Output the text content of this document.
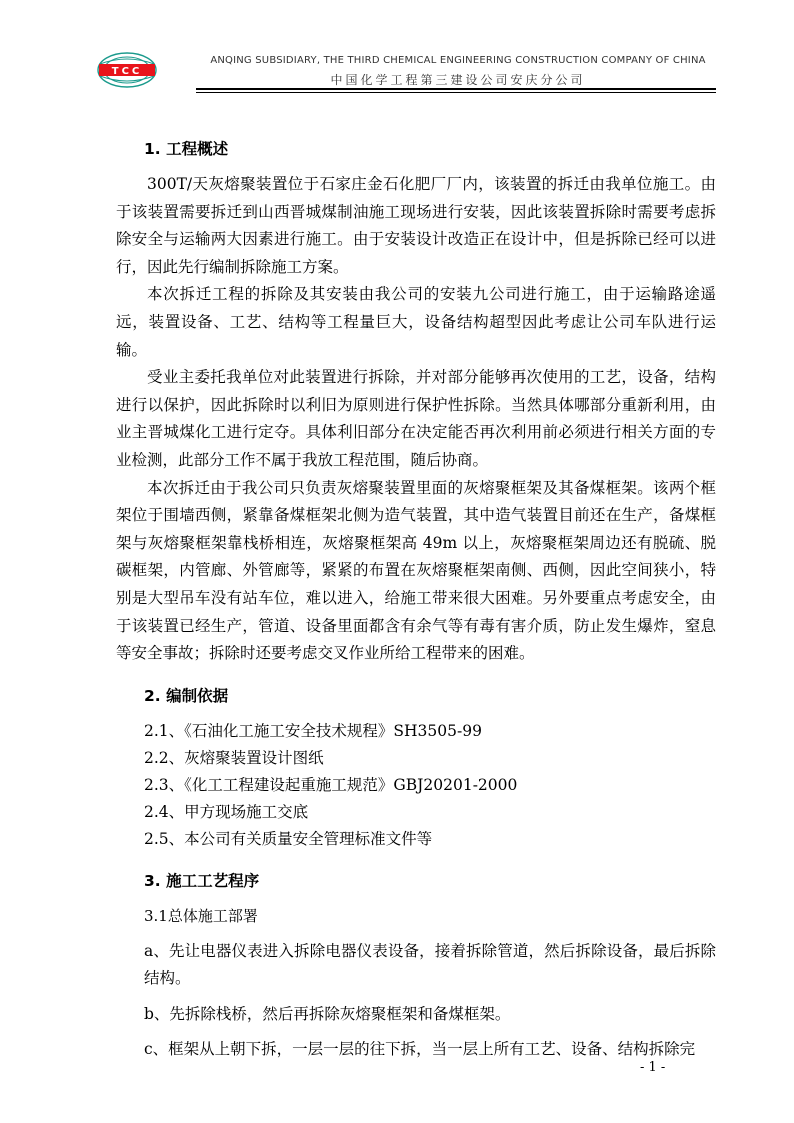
TCC
ANQING SUBSIDIARY, THE THIRD CHEMICAL ENGINEERING CONSTRUCTION COMPANY OF CHINA
中国化学工程第三建设公司安庆分公司
1. 工程概述

300T/天灰熔聚装置位于石家庄金石化肥厂厂内，该装置的拆迁由我单位施工。由于该装置需要拆迁到山西晋城煤制油施工现场进行安装，因此该装置拆除时需要考虑拆除安全与运输两大因素进行施工。由于安装设计改造正在设计中，但是拆除已经可以进行，因此先行编制拆除施工方案。

本次拆迁工程的拆除及其安装由我公司的安装九公司进行施工，由于运输路途遥远，装置设备、工艺、结构等工程量巨大，设备结构超型因此考虑让公司车队进行运输。

受业主委托我单位对此装置进行拆除，并对部分能够再次使用的工艺，设备，结构进行以保护，因此拆除时以利旧为原则进行保护性拆除。当然具体哪部分重新利用，由业主晋城煤化工进行定夺。具体利旧部分在决定能否再次利用前必须进行相关方面的专业检测，此部分工作不属于我放工程范围，随后协商。

本次拆迁由于我公司只负责灰熔聚装置里面的灰熔聚框架及其备煤框架。该两个框架位于围墙西侧，紧靠备煤框架北侧为造气装置，其中造气装置目前还在生产，备煤框架与灰熔聚框架靠栈桥相连，灰熔聚框架高 49m 以上，灰熔聚框架周边还有脱硫、脱碳框架，内管廊、外管廊等，紧紧的布置在灰熔聚框架南侧、西侧，因此空间狭小，特别是大型吊车没有站车位，难以进入，给施工带来很大困难。另外要重点考虑安全，由于该装置已经生产，管道、设备里面都含有余气等有毒有害介质，防止发生爆炸，窒息等安全事故；拆除时还要考虑交叉作业所给工程带来的困难。

2. 编制依据

2.1、《石油化工施工安全技术规程》SH3505-99

2.2、灰熔聚装置设计图纸

2.3、《化工工程建设起重施工规范》GBJ20201-2000

2.4、甲方现场施工交底

2.5、本公司有关质量安全管理标准文件等

3. 施工工艺程序

3.1总体施工部署

a、先让电器仪表进入拆除电器仪表设备，接着拆除管道，然后拆除设备，最后拆除结构。

b、先拆除栈桥，然后再拆除灰熔聚框架和备煤框架。

c、框架从上朝下拆，一层一层的往下拆，当一层上所有工艺、设备、结构拆除完

- 1 -
